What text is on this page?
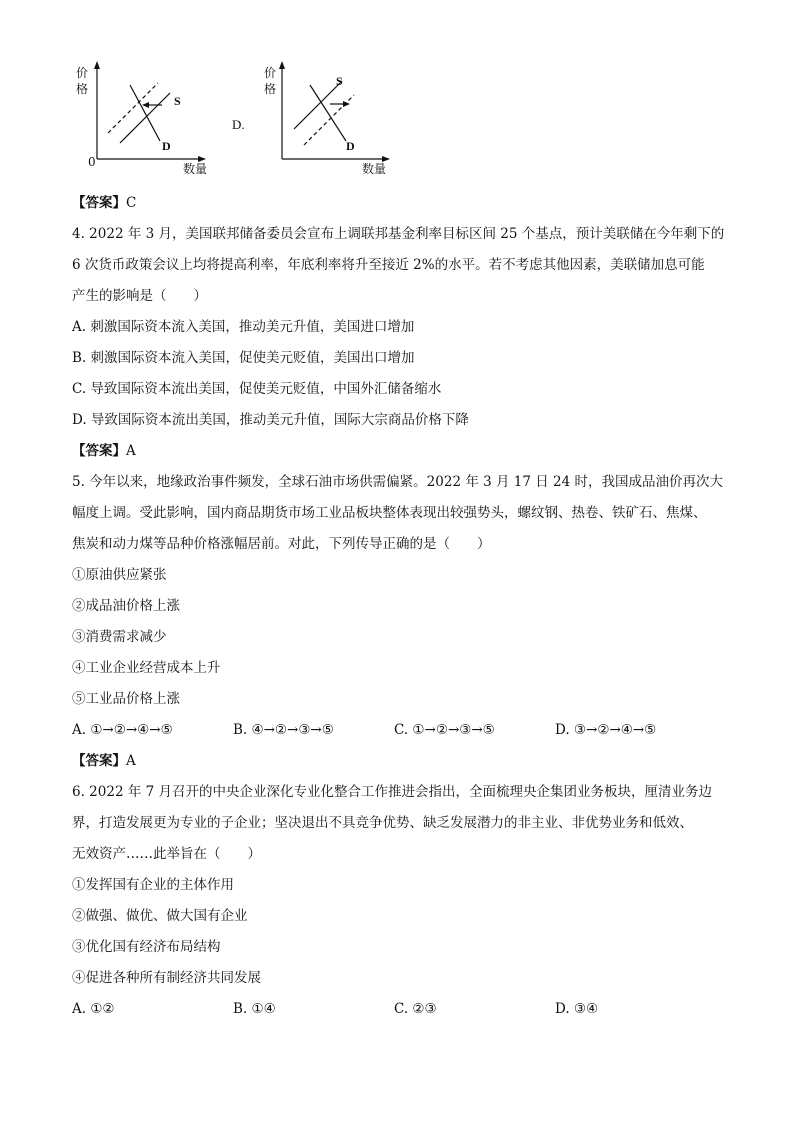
价
格
0	数量
S
D
价
格
数量
S
D
D.
【答案】C
4. 2022 年 3 月，美国联邦储备委员会宣布上调联邦基金利率目标区间 25 个基点，预计美联储在今年剩下的
6 次货币政策会议上均将提高利率，年底利率将升至接近 2%的水平。若不考虑其他因素，美联储加息可能
产生的影响是（　　）
A. 刺激国际资本流入美国，推动美元升值，美国进口增加
B. 刺激国际资本流入美国，促使美元贬值，美国出口增加
C. 导致国际资本流出美国，促使美元贬值，中国外汇储备缩水
D. 导致国际资本流出美国，推动美元升值，国际大宗商品价格下降
【答案】A
5. 今年以来，地缘政治事件频发，全球石油市场供需偏紧。2022 年 3 月 17 日 24 时，我国成品油价再次大
幅度上调。受此影响，国内商品期货市场工业品板块整体表现出较强势头，螺纹钢、热卷、铁矿石、焦煤、
焦炭和动力煤等品种价格涨幅居前。对此，下列传导正确的是（　　）
①原油供应紧张
②成品油价格上涨
③消费需求减少
④工业企业经营成本上升
⑤工业品价格上涨
A. ①→②→④→⑤	B. ④→②→③→⑤	C. ①→②→③→⑤	D. ③→②→④→⑤
【答案】A
6. 2022 年 7 月召开的中央企业深化专业化整合工作推进会指出，全面梳理央企集团业务板块，厘清业务边
界，打造发展更为专业的子企业；坚决退出不具竞争优势、缺乏发展潜力的非主业、非优势业务和低效、
无效资产……此举旨在（　　）
①发挥国有企业的主体作用
②做强、做优、做大国有企业
③优化国有经济布局结构
④促进各种所有制经济共同发展
A. ①②	B. ①④	C. ②③	D. ③④
